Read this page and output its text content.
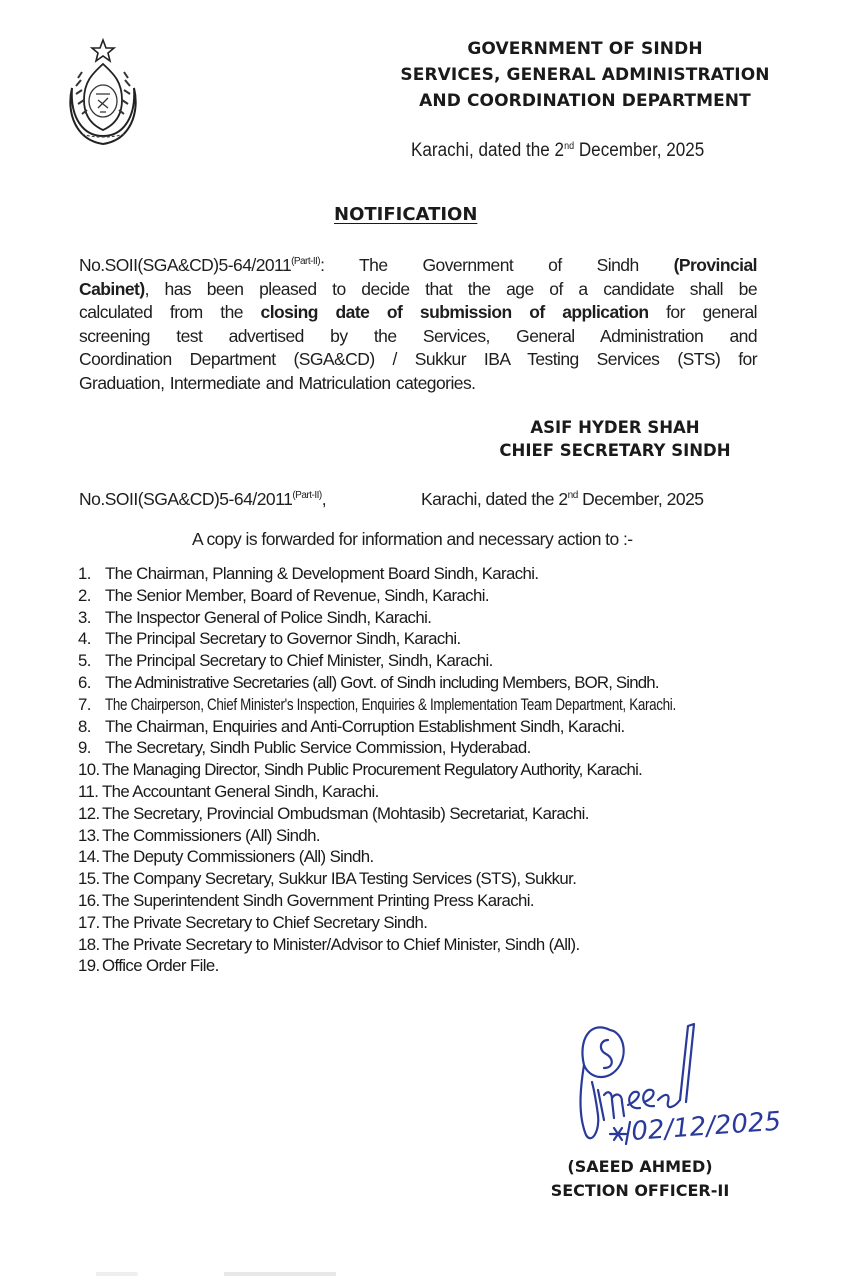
GOVERNMENT OF SINDH
SERVICES, GENERAL ADMINISTRATION
AND COORDINATION DEPARTMENT
Karachi, dated the 2nd December, 2025
NOTIFICATION
$No.SOII(SGA\&CD)5-64/2011^{(Part-II)}$: The Government of Sindh (Provincial
Cabinet), has been pleased to decide that the age of a candidate shall be
calculated from the closing date of submission of application for general
screening test advertised by the Services, General Administration and
Coordination Department (SGA&CD) / Sukkur IBA Testing Services (STS) for
Graduation, Intermediate and Matriculation categories.
ASIF HYDER SHAH
CHIEF SECRETARY SINDH
$No.SOII(SGA\&CD)5-64/2011^{(Part-II)}$,	Karachi, dated the 2nd December, 2025
A copy is forwarded for information and necessary action to :-
1. The Chairman, Planning & Development Board Sindh, Karachi.
2. The Senior Member, Board of Revenue, Sindh, Karachi.
3. The Inspector General of Police Sindh, Karachi.
4. The Principal Secretary to Governor Sindh, Karachi.
5. The Principal Secretary to Chief Minister, Sindh, Karachi.
6. The Administrative Secretaries (all) Govt. of Sindh including Members, BOR, Sindh.
7. The Chairperson, Chief Minister's Inspection, Enquiries & Implementation Team Department, Karachi.
8. The Chairman, Enquiries and Anti-Corruption Establishment Sindh, Karachi.
9. The Secretary, Sindh Public Service Commission, Hyderabad.
10. The Managing Director, Sindh Public Procurement Regulatory Authority, Karachi.
11. The Accountant General Sindh, Karachi.
12. The Secretary, Provincial Ombudsman (Mohtasib) Secretariat, Karachi.
13. The Commissioners (All) Sindh.
14. The Deputy Commissioners (All) Sindh.
15. The Company Secretary, Sukkur IBA Testing Services (STS), Sukkur.
16. The Superintendent Sindh Government Printing Press Karachi.
17. The Private Secretary to Chief Secretary Sindh.
18. The Private Secretary to Minister/Advisor to Chief Minister, Sindh (All).
19. Office Order File.
02/12/2025
(SAEED AHMED)
SECTION OFFICER-II
